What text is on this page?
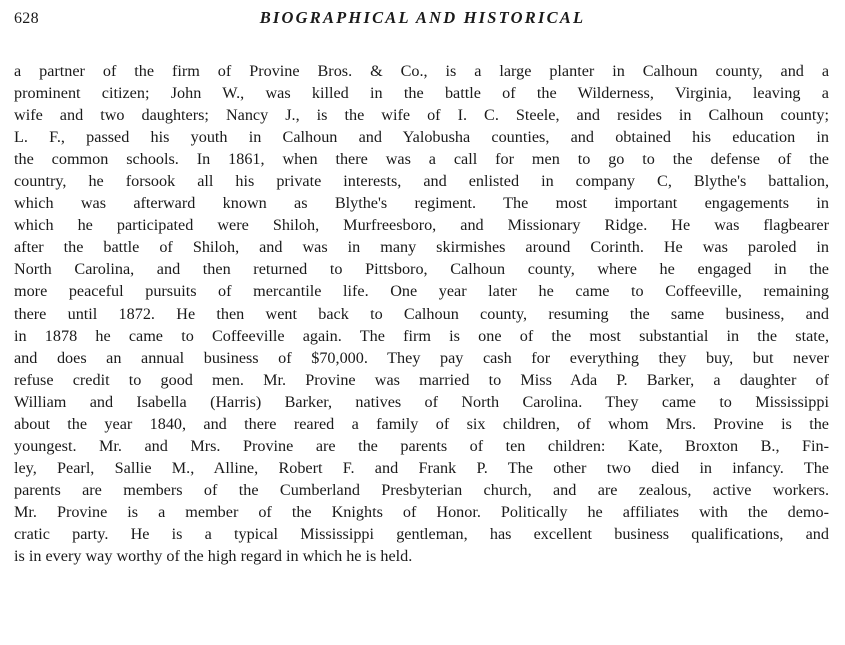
628	BIOGRAPHICAL AND HISTORICAL
a partner of the firm of Provine Bros. & Co., is a large planter in Calhoun county, and a
prominent citizen; John W., was killed in the battle of the Wilderness, Virginia, leaving a
wife and two daughters; Nancy J., is the wife of I. C. Steele, and resides in Calhoun county;
L. F., passed his youth in Calhoun and Yalobusha counties, and obtained his education in
the common schools. In 1861, when there was a call for men to go to the defense of the
country, he forsook all his private interests, and enlisted in company C, Blythe's battalion,
which was afterward known as Blythe's regiment. The most important engagements in
which he participated were Shiloh, Murfreesboro, and Missionary Ridge. He was flagbearer
after the battle of Shiloh, and was in many skirmishes around Corinth. He was paroled in
North Carolina, and then returned to Pittsboro, Calhoun county, where he engaged in the
more peaceful pursuits of mercantile life. One year later he came to Coffeeville, remaining
there until 1872. He then went back to Calhoun county, resuming the same business, and
in 1878 he came to Coffeeville again. The firm is one of the most substantial in the state,
and does an annual business of $70,000. They pay cash for everything they buy, but never
refuse credit to good men. Mr. Provine was married to Miss Ada P. Barker, a daughter of
William and Isabella (Harris) Barker, natives of North Carolina. They came to Mississippi
about the year 1840, and there reared a family of six children, of whom Mrs. Provine is the
youngest. Mr. and Mrs. Provine are the parents of ten children: Kate, Broxton B., Fin-
ley, Pearl, Sallie M., Alline, Robert F. and Frank P. The other two died in infancy. The
parents are members of the Cumberland Presbyterian church, and are zealous, active workers.
Mr. Provine is a member of the Knights of Honor. Politically he affiliates with the demo-
cratic party. He is a typical Mississippi gentleman, has excellent business qualifications, and
is in every way worthy of the high regard in which he is held.
